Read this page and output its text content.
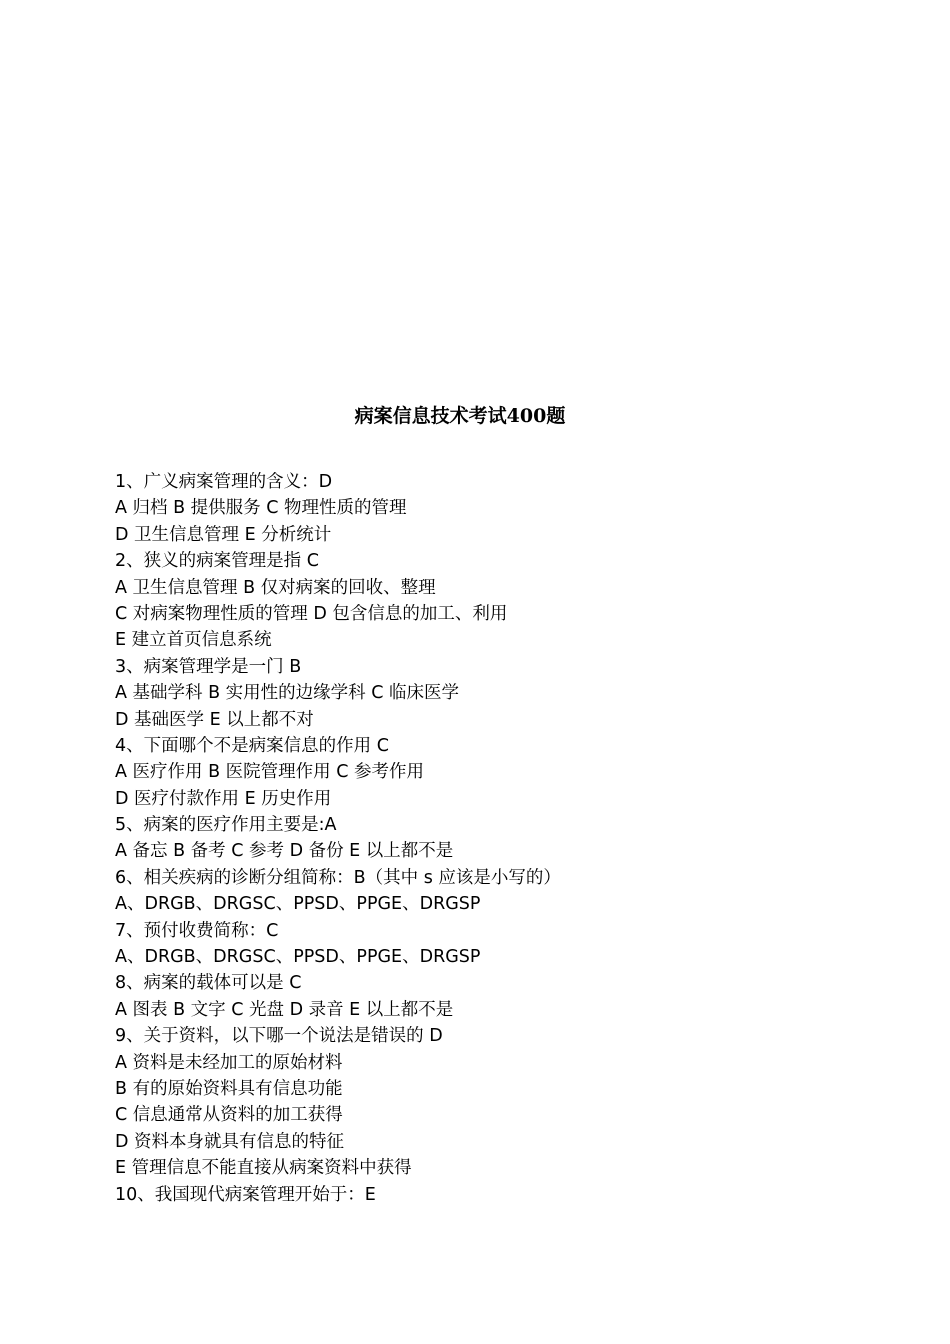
病案信息技术考试400题
1、广义病案管理的含义：D
A 归档 B 提供服务 C 物理性质的管理
D 卫生信息管理 E 分析统计
2、狭义的病案管理是指 C
A 卫生信息管理 B 仅对病案的回收、整理
C 对病案物理性质的管理 D 包含信息的加工、利用
E 建立首页信息系统
3、病案管理学是一门 B
A 基础学科 B 实用性的边缘学科 C 临床医学
D 基础医学 E 以上都不对
4、下面哪个不是病案信息的作用 C
A 医疗作用 B 医院管理作用 C 参考作用
D 医疗付款作用 E 历史作用
5、病案的医疗作用主要是:A
A 备忘 B 备考 C 参考 D 备份 E 以上都不是
6、相关疾病的诊断分组简称：B（其中 s 应该是小写的）
A、DRGB、DRGSC、PPSD、PPGE、DRGSP
7、预付收费简称：C
A、DRGB、DRGSC、PPSD、PPGE、DRGSP
8、病案的载体可以是 C
A 图表 B 文字 C 光盘 D 录音 E 以上都不是
9、关于资料，以下哪一个说法是错误的 D
A 资料是未经加工的原始材料
B 有的原始资料具有信息功能
C 信息通常从资料的加工获得
D 资料本身就具有信息的特征
E 管理信息不能直接从病案资料中获得
10、我国现代病案管理开始于：E
